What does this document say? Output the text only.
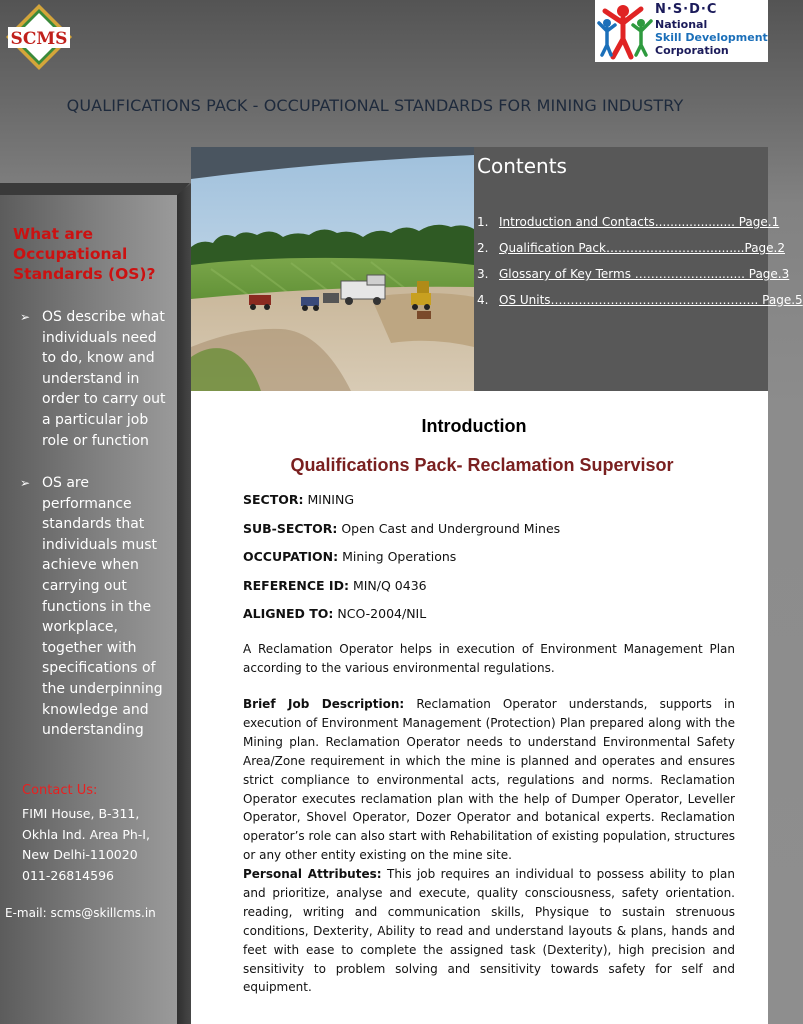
SCMS
N·S·D·C
National
Skill Development
Corporation
QUALIFICATIONS PACK - OCCUPATIONAL STANDARDS FOR MINING INDUSTRY
What are Occupational Standards (OS)?
➢ OS describe what individuals need to do, know and understand in order to carry out a particular job role or function
➢ OS are performance standards that individuals must achieve when carrying out functions in the workplace, together with specifications of the underpinning knowledge and understanding
Contact Us:
FIMI House, B-311,
Okhla Ind. Area Ph-I,
New Delhi-110020
011-26814596
E-mail: scms@skillcms.in
Contents
1. Introduction and Contacts..................... Page.1
2. Qualification Pack………………………........Page.2
3. Glossary of Key Terms ……………….......... Page.3
4. OS Units……………………………………………. Page.5
Introduction
Qualifications Pack- Reclamation Supervisor
SECTOR: MINING
SUB-SECTOR: Open Cast and Underground Mines
OCCUPATION: Mining Operations
REFERENCE ID: MIN/Q 0436
ALIGNED TO: NCO-2004/NIL
A Reclamation Operator helps in execution of Environment Management Plan according to the various environmental regulations.
Brief Job Description: Reclamation Operator understands, supports in execution of Environment Management (Protection) Plan prepared along with the Mining plan. Reclamation Operator needs to understand Environmental Safety Area/Zone requirement in which the mine is planned and operates and ensures strict compliance to environmental acts, regulations and norms. Reclamation Operator executes reclamation plan with the help of Dumper Operator, Leveller Operator, Shovel Operator, Dozer Operator and botanical experts. Reclamation operator’s role can also start with Rehabilitation of existing population, structures or any other entity existing on the mine site.
Personal Attributes: This job requires an individual to possess ability to plan and prioritize, analyse and execute, quality consciousness, safety orientation. reading, writing and communication skills, Physique to sustain strenuous conditions, Dexterity, Ability to read and understand layouts & plans, hands and feet with ease to complete the assigned task (Dexterity), high precision and sensitivity to problem solving and sensitivity towards safety for self and equipment.
